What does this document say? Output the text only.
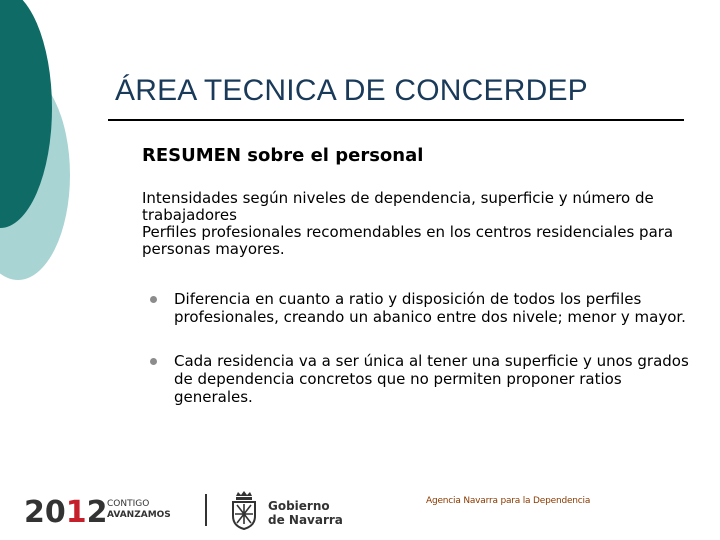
ÁREA TECNICA DE CONCERDEP
RESUMEN sobre el personal

Intensidades según niveles de dependencia, superficie y número de trabajadores

Perfiles profesionales recomendables en los centros residenciales para personas mayores.

Diferencia en cuanto a ratio y disposición de todos los perfiles profesionales, creando un abanico entre dos nivele; menor y mayor.
Cada residencia va a ser única al tener una superficie y unos grados de dependencia concretos que no permiten proponer ratios generales.
2012 CONTIGO
AVANZAMOS
Gobierno
de Navarra
Agencia Navarra para la Dependencia
